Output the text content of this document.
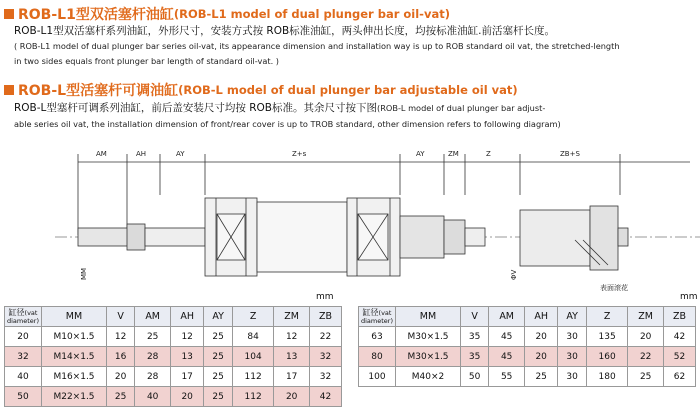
ROB-L1型双活塞杆油缸 (ROB-L1 model of dual plunger bar oil-vat)
ROB-L1型双活塞杆系列油缸，外形尺寸，安装方式按 ROB标准油缸，两头伸出长度，均按标准油缸.前活塞杆长度。
( ROB-L1 model of dual plunger bar series oil-vat, its appearance dimension and installation way is up to ROB standard oil vat, the stretched-length
in two sides equals front plunger bar length of standard oil-vat. )
ROB-L型活塞杆可调油缸 (ROB-L model of dual plunger bar adjustable oil vat)
ROB-L型塞杆可调系列油缸，前后盖安装尺寸均按 ROB标准。其余尺寸按下图(ROB-L model of dual plunger bar adjust-
able series oil vat, the installation dimension of front/rear cover is up to TROB standard, other dimension refers to following diagram)
AM	AH	AY	Z+s	AY	ZM	Z	ZB+S
MM	ΦV
表面滚花
mm	mm
缸径(vat
diameter)	MM	V	AM	AH	AY	Z	ZM	ZB
20	M10×1.5	12	25	12	25	84	12	22
32	M14×1.5	16	28	13	25	104	13	32
40	M16×1.5	20	28	17	25	112	17	32
50	M22×1.5	25	40	20	25	112	20	42
缸径(vat
diameter)	MM	V	AM	AH	AY	Z	ZM	ZB
63	M30×1.5	35	45	20	30	135	20	42
80	M30×1.5	35	45	20	30	160	22	52
100	M40×2	50	55	25	30	180	25	62
